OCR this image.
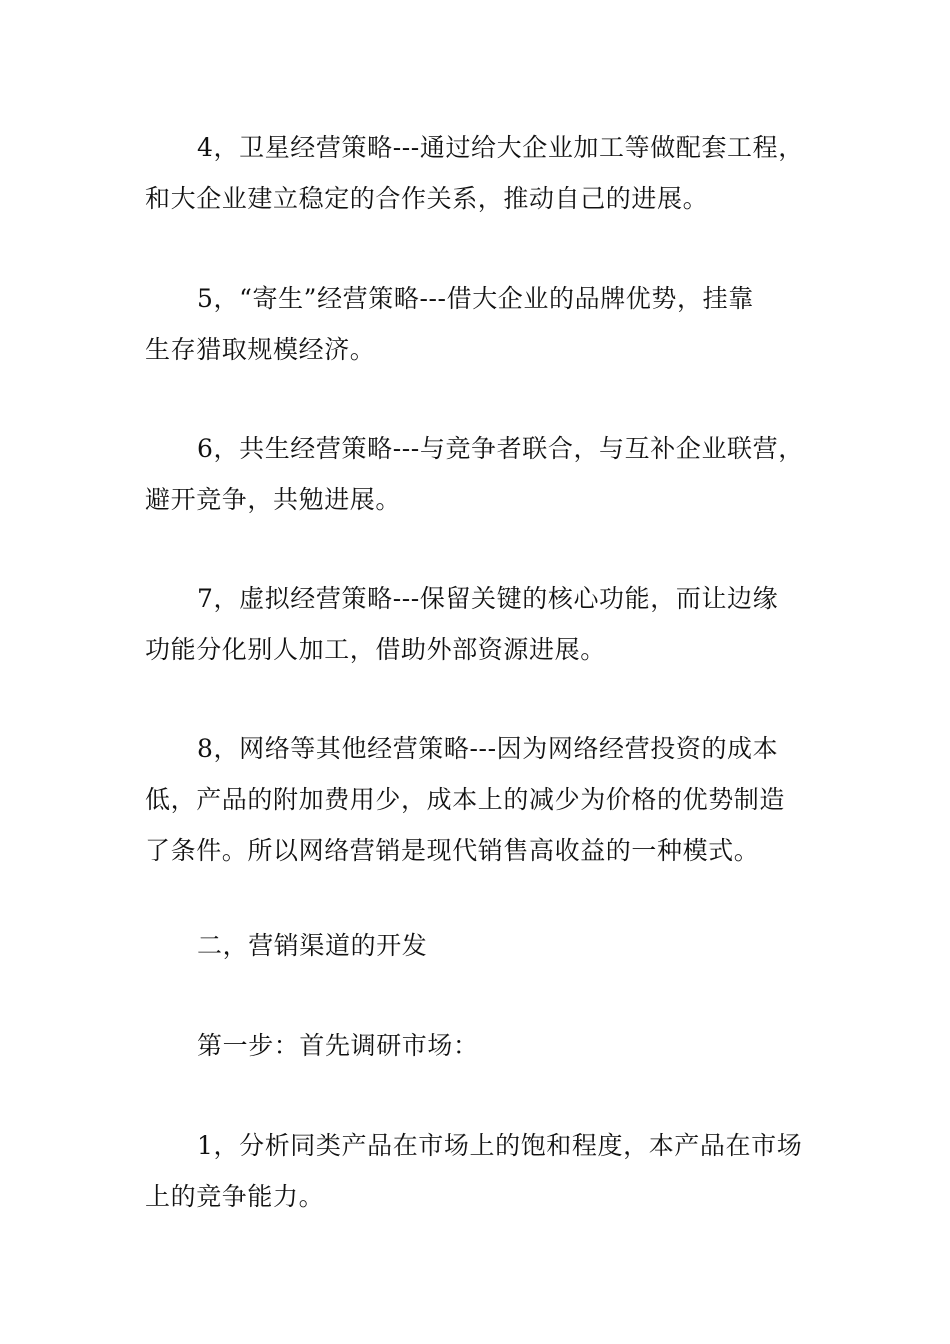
4，卫星经营策略---通过给大企业加工等做配套工程，
和大企业建立稳定的合作关系，推动自己的进展。

5，“寄生”经营策略---借大企业的品牌优势，挂靠
生存猎取规模经济。

6，共生经营策略---与竞争者联合，与互补企业联营，
避开竞争，共勉进展。

7，虚拟经营策略---保留关键的核心功能，而让边缘
功能分化别人加工，借助外部资源进展。

8，网络等其他经营策略---因为网络经营投资的成本
低，产品的附加费用少，成本上的减少为价格的优势制造
了条件。所以网络营销是现代销售高收益的一种模式。

二，营销渠道的开发

第一步：首先调研市场：

1，分析同类产品在市场上的饱和程度，本产品在市场
上的竞争能力。
